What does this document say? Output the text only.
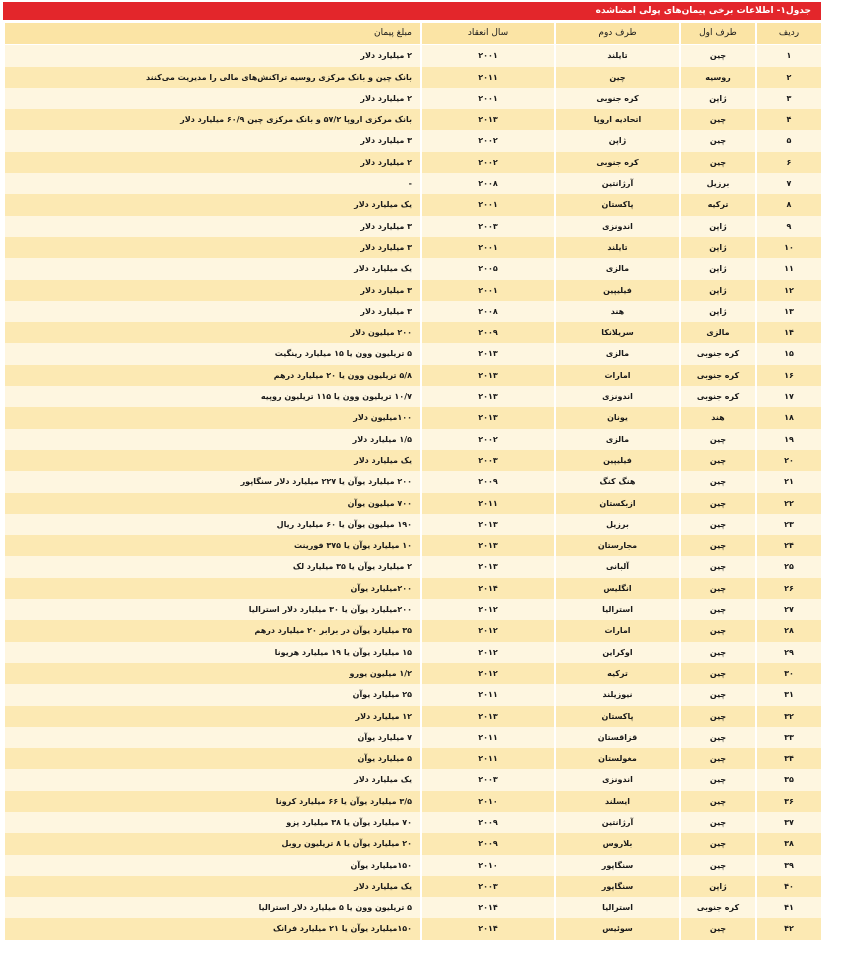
جدول۱- اطلاعات برخی پیمان‌های پولی امضاشده
ردیف	طرف اول	طرف دوم	سال انعقاد	مبلغ پیمان
۱	چین	تایلند	۲۰۰۱	۲ میلیارد دلار
۲	روسیه	چین	۲۰۱۱	بانک چین و بانک مرکزی روسیه تراکنش‌های مالی را مدیریت می‌کنند
۳	ژاپن	کره جنوبی	۲۰۰۱	۲ میلیارد دلار
۴	چین	اتحادیه اروپا	۲۰۱۳	بانک مرکزی اروپا ۵۷/۲ و بانک مرکزی چین ۶۰/۹ میلیارد دلار
۵	چین	ژاپن	۲۰۰۲	۳ میلیارد دلار
۶	چین	کره جنوبی	۲۰۰۲	۲ میلیارد دلار
۷	برزیل	آرژانتین	۲۰۰۸	-
۸	ترکیه	پاکستان	۲۰۰۱	یک میلیارد دلار
۹	ژاپن	اندونزی	۲۰۰۳	۳ میلیارد دلار
۱۰	ژاپن	تایلند	۲۰۰۱	۳ میلیارد دلار
۱۱	ژاپن	مالزی	۲۰۰۵	یک میلیارد دلار
۱۲	ژاپن	فیلیپین	۲۰۰۱	۳ میلیارد دلار
۱۳	ژاپن	هند	۲۰۰۸	۳ میلیارد دلار
۱۴	مالزی	سریلانکا	۲۰۰۹	۲۰۰ میلیون دلار
۱۵	کره جنوبی	مالزی	۲۰۱۳	۵ تریلیون وون یا ۱۵ میلیارد رینگیت
۱۶	کره جنوبی	امارات	۲۰۱۳	۵/۸ تریلیون وون یا ۲۰ میلیارد درهم
۱۷	کره جنوبی	اندونزی	۲۰۱۳	۱۰/۷ تریلیون وون یا ۱۱۵ تریلیون روپیه
۱۸	هند	یونان	۲۰۱۳	۱۰۰میلیون دلار
۱۹	چین	مالزی	۲۰۰۲	۱/۵ میلیارد دلار
۲۰	چین	فیلیپین	۲۰۰۳	یک میلیارد دلار
۲۱	چین	هنگ کنگ	۲۰۰۹	۲۰۰ میلیارد یوآن یا ۲۲۷ میلیارد دلار سنگاپور
۲۲	چین	ازبکستان	۲۰۱۱	۷۰۰ میلیون یوآن
۲۳	چین	برزیل	۲۰۱۳	۱۹۰ میلیون یوآن یا ۶۰ میلیارد ریال
۲۴	چین	مجارستان	۲۰۱۳	۱۰ میلیارد یوآن یا ۳۷۵ فورینت
۲۵	چین	آلبانی	۲۰۱۳	۲ میلیارد یوآن یا ۳۵ میلیارد لک
۲۶	چین	انگلیس	۲۰۱۴	۲۰۰میلیارد یوآن
۲۷	چین	استرالیا	۲۰۱۲	۲۰۰میلیارد یوآن یا ۳۰ میلیارد دلار استرالیا
۲۸	چین	امارات	۲۰۱۲	۳۵ میلیارد یوآن در برابر ۲۰ میلیارد درهم
۲۹	چین	اوکراین	۲۰۱۲	۱۵ میلیارد یوآن یا ۱۹ میلیارد هریونا
۳۰	چین	ترکیه	۲۰۱۲	۱/۲ میلیون یورو
۳۱	چین	نیوزیلند	۲۰۱۱	۲۵ میلیارد یوآن
۳۲	چین	پاکستان	۲۰۱۳	۱۲ میلیارد دلار
۳۳	چین	قزاقستان	۲۰۱۱	۷ میلیارد یوآن
۳۴	چین	مغولستان	۲۰۱۱	۵ میلیارد یوآن
۳۵	چین	اندونزی	۲۰۰۳	یک میلیارد دلار
۳۶	چین	ایسلند	۲۰۱۰	۳/۵ میلیارد یوآن یا ۶۶ میلیارد کرونا
۳۷	چین	آرژانتین	۲۰۰۹	۷۰ میلیارد یوآن یا ۳۸ میلیارد پزو
۳۸	چین	بلاروس	۲۰۰۹	۲۰ میلیارد یوآن یا ۸ تریلیون روبل
۳۹	چین	سنگاپور	۲۰۱۰	۱۵۰میلیارد یوآن
۴۰	ژاپن	سنگاپور	۲۰۰۳	یک میلیارد دلار
۴۱	کره جنوبی	استرالیا	۲۰۱۴	۵ تریلیون وون یا ۵ میلیارد دلار استرالیا
۴۲	چین	سوئیس	۲۰۱۴	۱۵۰میلیارد یوآن یا ۲۱ میلیارد فرانک
